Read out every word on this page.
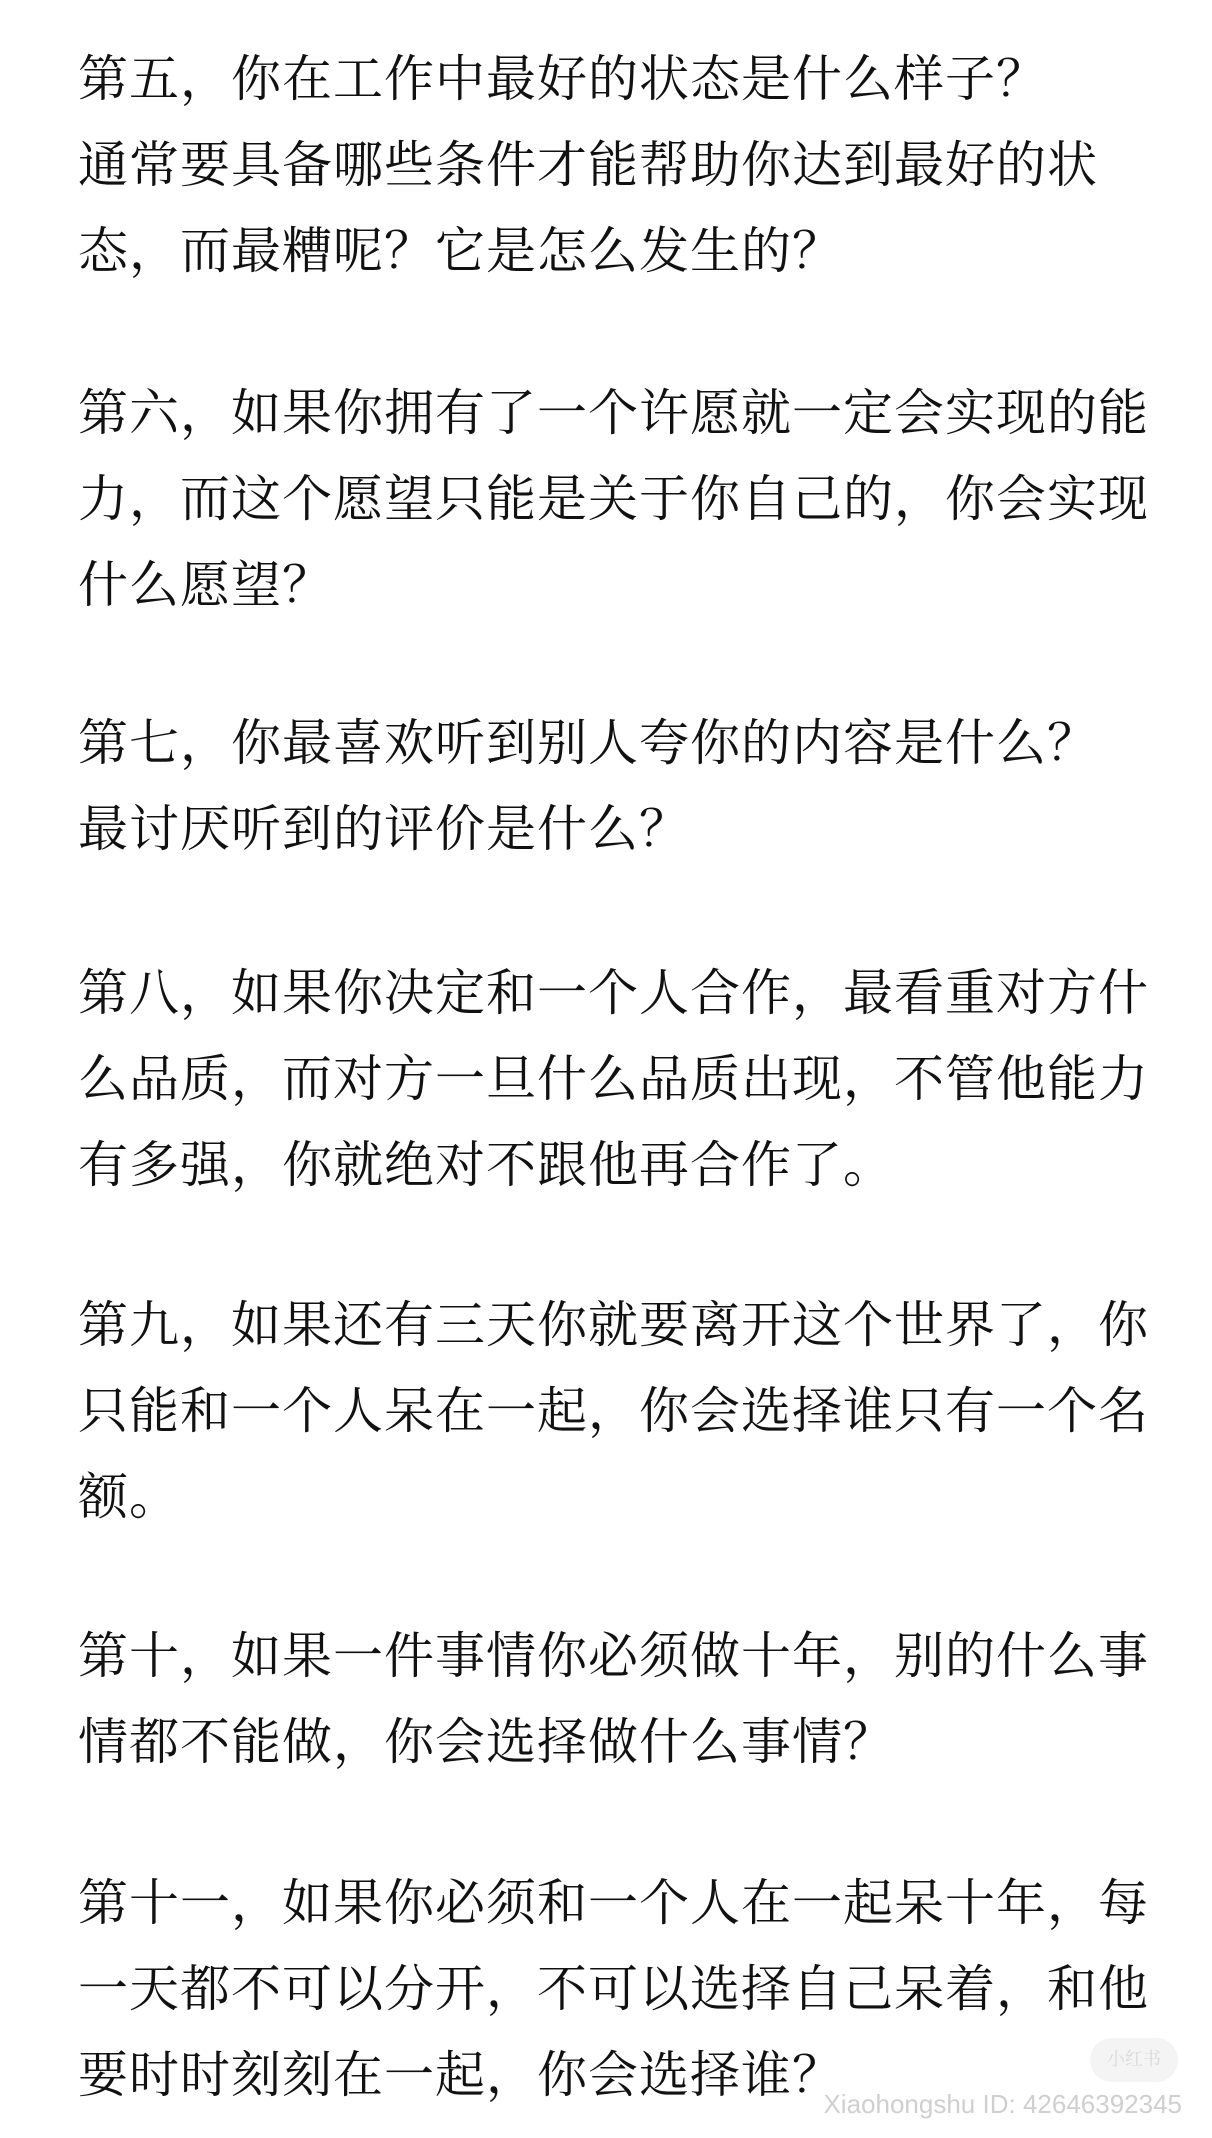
第五，你在工作中最好的状态是什么样子？
通常要具备哪些条件才能帮助你达到最好的状
态，而最糟呢？它是怎么发生的？
第六，如果你拥有了一个许愿就一定会实现的能
力，而这个愿望只能是关于你自己的，你会实现
什么愿望？
第七，你最喜欢听到别人夸你的内容是什么？
最讨厌听到的评价是什么？
第八，如果你决定和一个人合作，最看重对方什
么品质，而对方一旦什么品质出现，不管他能力
有多强，你就绝对不跟他再合作了。
第九，如果还有三天你就要离开这个世界了，你
只能和一个人呆在一起，你会选择谁只有一个名
额。
第十，如果一件事情你必须做十年，别的什么事
情都不能做，你会选择做什么事情？
第十一，如果你必须和一个人在一起呆十年，每
一天都不可以分开，不可以选择自己呆着，和他
要时时刻刻在一起，你会选择谁？	小红书
Xiaohongshu ID: 42646392345
